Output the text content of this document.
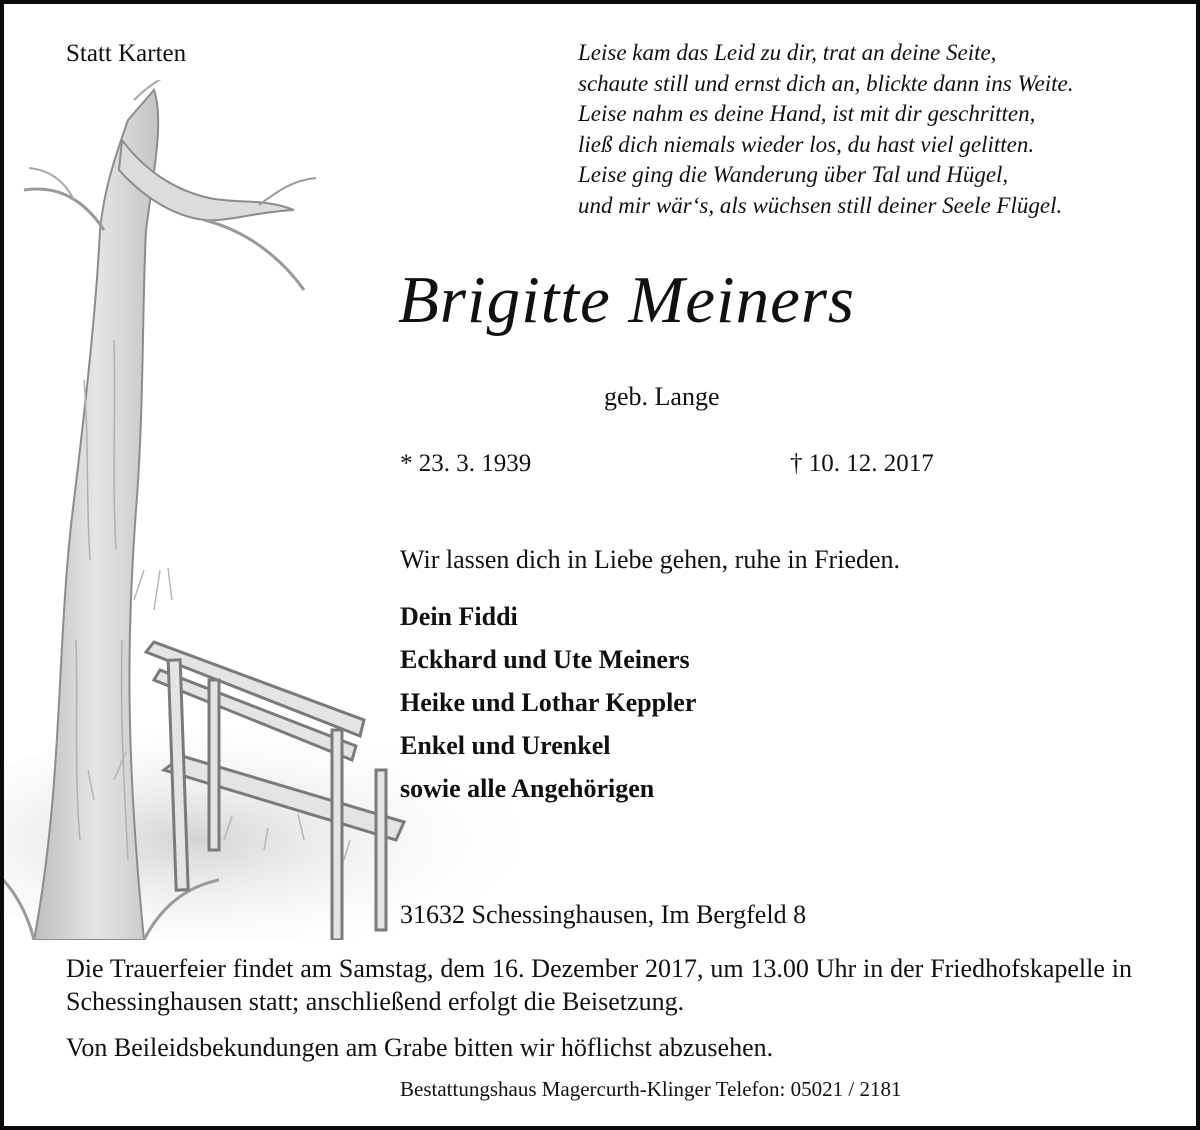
Statt Karten	Leise kam das Leid zu dir, trat an deine Seite,
schaute still und ernst dich an, blickte dann ins Weite.
Leise nahm es deine Hand, ist mit dir geschritten,
ließ dich niemals wieder los, du hast viel gelitten.
Leise ging die Wanderung über Tal und Hügel,
und mir wär‘s, als wüchsen still deiner Seele Flügel.
Brigitte Meiners
geb. Lange
* 23. 3. 1939	† 10. 12. 2017
Wir lassen dich in Liebe gehen, ruhe in Frieden.
Dein Fiddi
Eckhard und Ute Meiners
Heike und Lothar Keppler
Enkel und Urenkel
sowie alle Angehörigen
31632 Schessinghausen, Im Bergfeld 8
Die Trauerfeier findet am Samstag, dem 16. Dezember 2017, um 13.00 Uhr in der Friedhofskapelle in Schessinghausen statt; anschließend erfolgt die Beisetzung.
Von Beileidsbekundungen am Grabe bitten wir höflichst abzusehen.
Bestattungshaus Magercurth-Klinger Telefon: 05021 / 2181
